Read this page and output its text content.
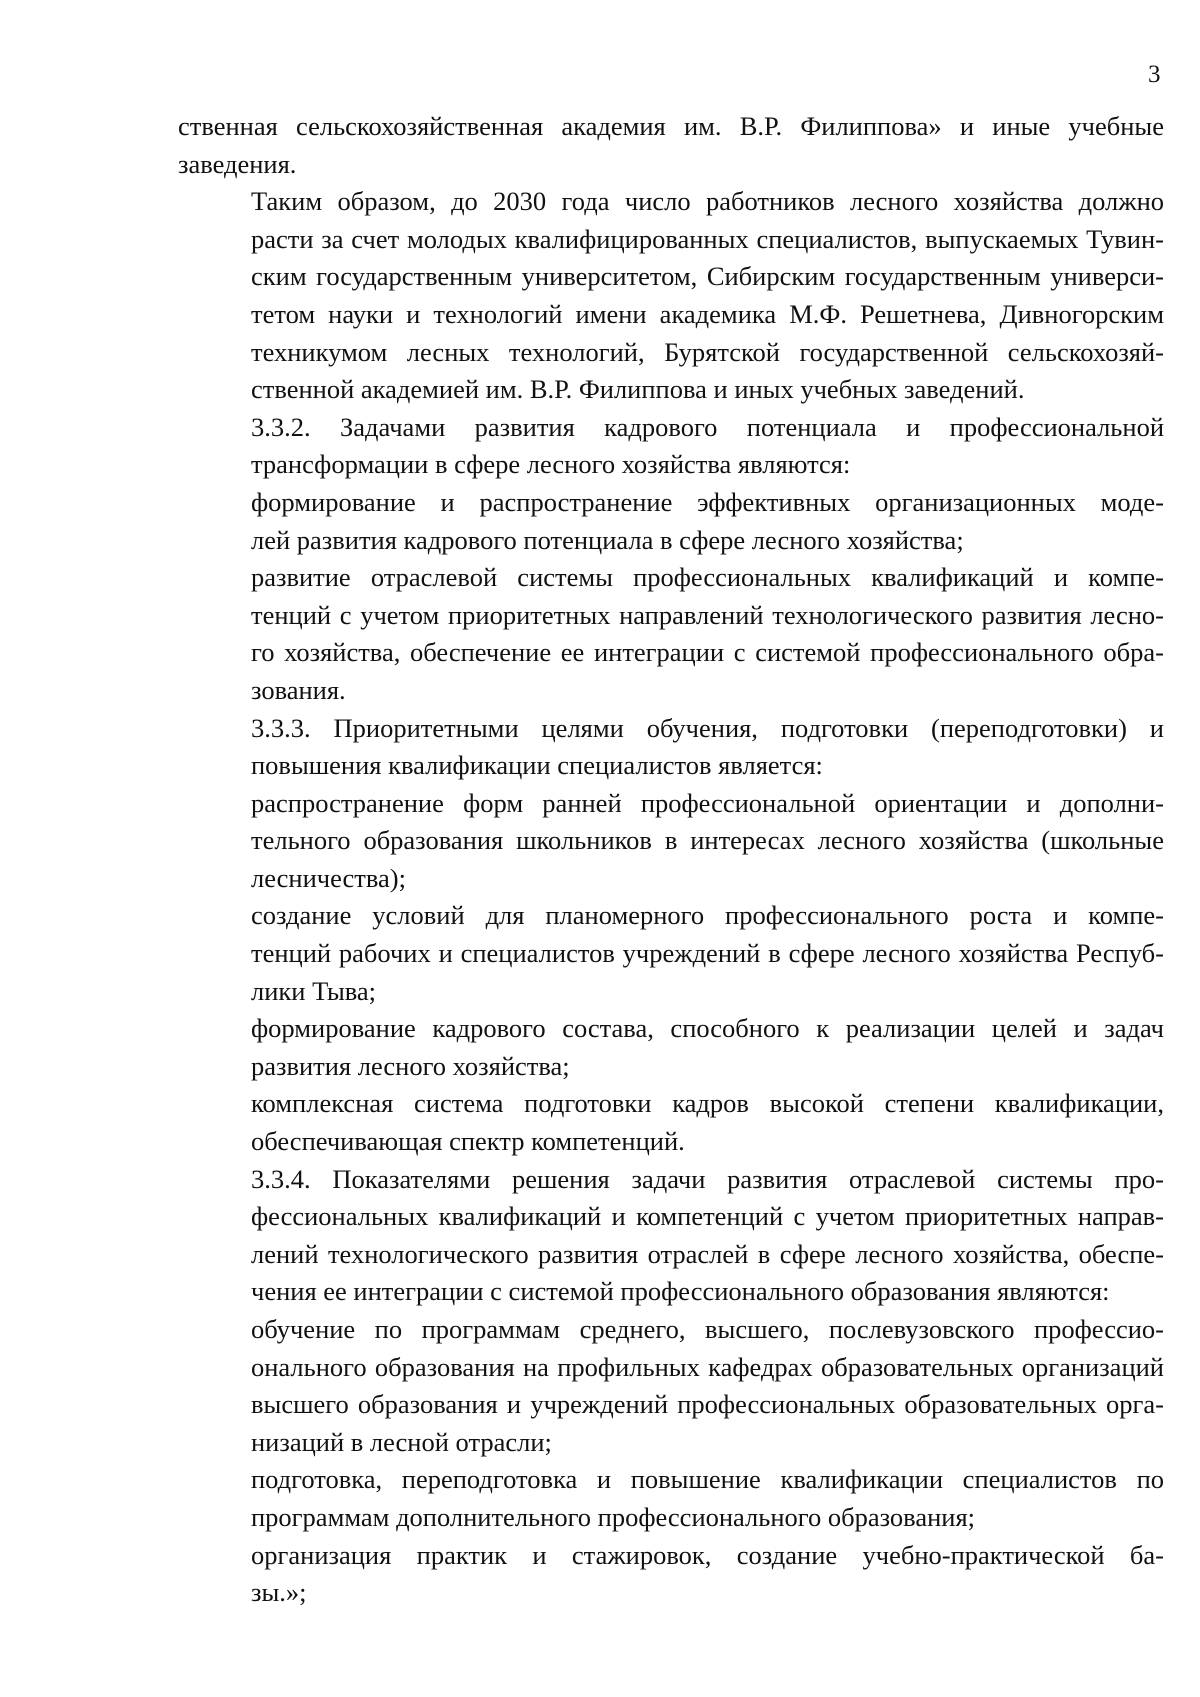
3

ственная сельскохозяйственная академия им. В.Р. Филиппова» и иные учебные
заведения.

Таким образом, до 2030 года число работников лесного хозяйства должно
расти за счет молодых квалифицированных специалистов, выпускаемых Тувин-
ским государственным университетом, Сибирским государственным универси-
тетом науки и технологий имени академика М.Ф. Решетнева, Дивногорским
техникумом лесных технологий, Бурятской государственной сельскохозяй-
ственной академией им. В.Р. Филиппова и иных учебных заведений.

3.3.2. Задачами развития кадрового потенциала и профессиональной
трансформации в сфере лесного хозяйства являются:

формирование и распространение эффективных организационных моде-
лей развития кадрового потенциала в сфере лесного хозяйства;

развитие отраслевой системы профессиональных квалификаций и компе-
тенций с учетом приоритетных направлений технологического развития лесно-
го хозяйства, обеспечение ее интеграции с системой профессионального обра-
зования.

3.3.3. Приоритетными целями обучения, подготовки (переподготовки) и
повышения квалификации специалистов является:

распространение форм ранней профессиональной ориентации и дополни-
тельного образования школьников в интересах лесного хозяйства (школьные
лесничества);

создание условий для планомерного профессионального роста и компе-
тенций рабочих и специалистов учреждений в сфере лесного хозяйства Респуб-
лики Тыва;

формирование кадрового состава, способного к реализации целей и задач
развития лесного хозяйства;

комплексная система подготовки кадров высокой степени квалификации,
обеспечивающая спектр компетенций.

3.3.4. Показателями решения задачи развития отраслевой системы про-
фессиональных квалификаций и компетенций с учетом приоритетных направ-
лений технологического развития отраслей в сфере лесного хозяйства, обеспе-
чения ее интеграции с системой профессионального образования являются:

обучение по программам среднего, высшего, послевузовского профессио-
онального образования на профильных кафедрах образовательных организаций
высшего образования и учреждений профессиональных образовательных орга-
низаций в лесной отрасли;

подготовка, переподготовка и повышение квалификации специалистов по
программам дополнительного профессионального образования;

организация практик и стажировок, создание учебно-практической ба-
зы.»;
